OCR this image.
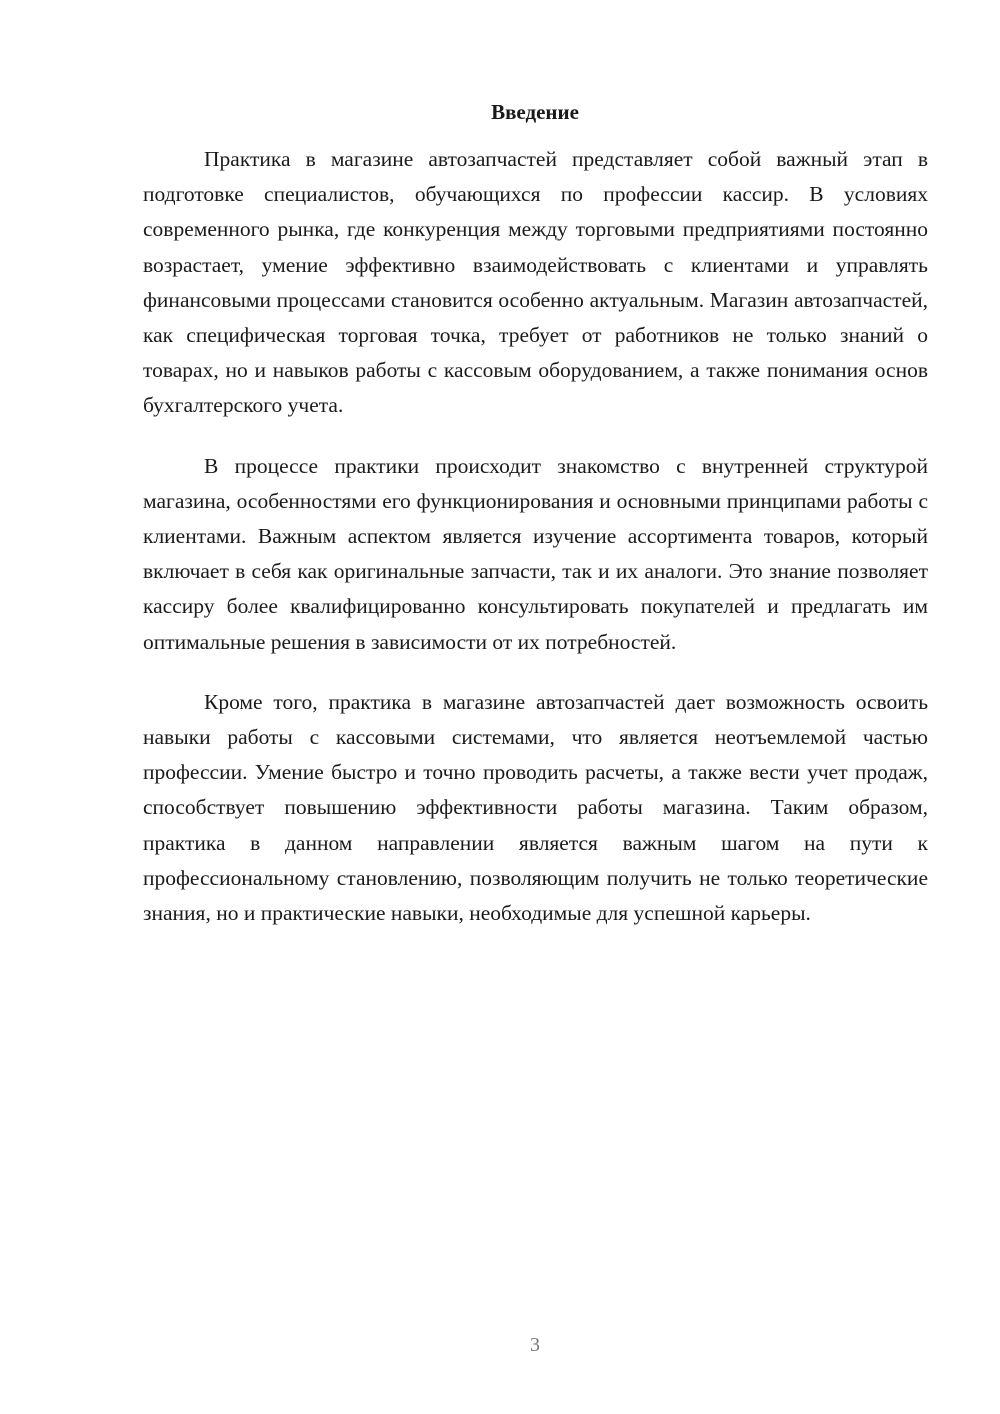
Введение

Практика в магазине автозапчастей представляет собой важный этап в подготовке специалистов, обучающихся по профессии кассир. В условиях современного рынка, где конкуренция между торговыми предприятиями постоянно возрастает, умение эффективно взаимодействовать с клиентами и управлять финансовыми процессами становится особенно актуальным. Магазин автозапчастей, как специфическая торговая точка, требует от работников не только знаний о товарах, но и навыков работы с кассовым оборудованием, а также понимания основ бухгалтерского учета.

В процессе практики происходит знакомство с внутренней структурой магазина, особенностями его функционирования и основными принципами работы с клиентами. Важным аспектом является изучение ассортимента товаров, который включает в себя как оригинальные запчасти, так и их аналоги. Это знание позволяет кассиру более квалифицированно консультировать покупателей и предлагать им оптимальные решения в зависимости от их потребностей.

Кроме того, практика в магазине автозапчастей дает возможность освоить навыки работы с кассовыми системами, что является неотъемлемой частью профессии. Умение быстро и точно проводить расчеты, а также вести учет продаж, способствует повышению эффективности работы магазина. Таким образом, практика в данном направлении является важным шагом на пути к профессиональному становлению, позволяющим получить не только теоретические знания, но и практические навыки, необходимые для успешной карьеры.

3
